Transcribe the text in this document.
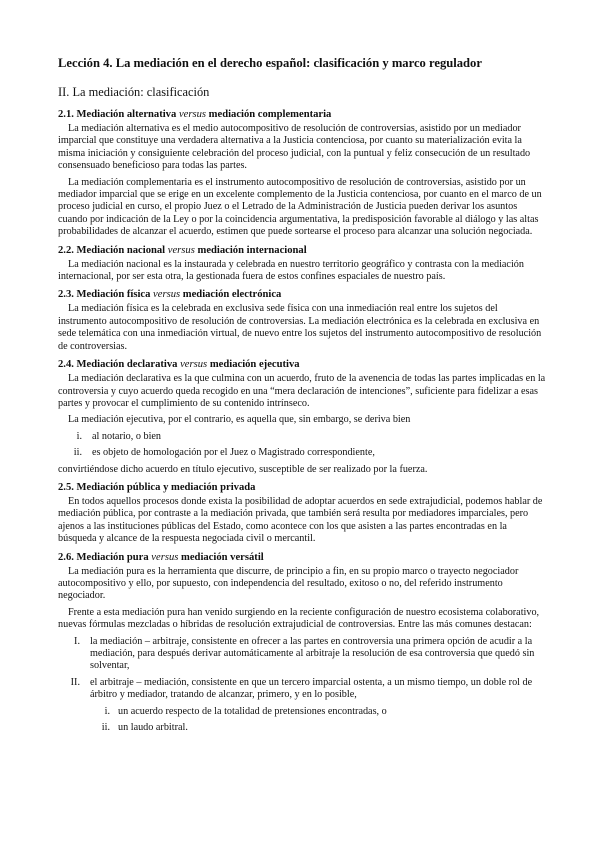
Lección 4. La mediación en el derecho español: clasificación y marco regulador
II. La mediación: clasificación
2.1. Mediación alternativa versus mediación complementaria

La mediación alternativa es el medio autocompositivo de resolución de controversias, asistido por un mediador imparcial que constituye una verdadera alternativa a la Justicia contenciosa, por cuanto su materialización evita la misma iniciación y consiguiente celebración del proceso judicial, con la puntual y feliz consecución de un resultado consensuado beneficioso para todas las partes.

La mediación complementaria es el instrumento autocompositivo de resolución de controversias, asistido por un mediador imparcial que se erige en un excelente complemento de la Justicia contenciosa, por cuanto en el marco de un proceso judicial en curso, el propio Juez o el Letrado de la Administración de Justicia pueden derivar los asuntos cuando por indicación de la Ley o por la coincidencia argumentativa, la predisposición favorable al diálogo y las altas probabilidades de alcanzar el acuerdo, estimen que puede sortearse el proceso para alcanzar una solución negociada.

2.2. Mediación nacional versus mediación internacional

La mediación nacional es la instaurada y celebrada en nuestro territorio geográfico y contrasta con la mediación internacional, por ser esta otra, la gestionada fuera de estos confines espaciales de nuestro país.

2.3. Mediación física versus mediación electrónica

La mediación física es la celebrada en exclusiva sede física con una inmediación real entre los sujetos del instrumento autocompositivo de resolución de controversias. La mediación electrónica es la celebrada en exclusiva en sede telemática con una inmediación virtual, de nuevo entre los sujetos del instrumento autocompositivo de resolución de controversias.

2.4. Mediación declarativa versus mediación ejecutiva

La mediación declarativa es la que culmina con un acuerdo, fruto de la avenencia de todas las partes implicadas en la controversia y cuyo acuerdo queda recogido en una “mera declaración de intenciones”, suficiente para fidelizar a esas partes y provocar el cumplimiento de su contenido intrínseco.

La mediación ejecutiva, por el contrario, es aquella que, sin embargo, se deriva bien

i. al notario, o bien
ii. es objeto de homologación por el Juez o Magistrado correspondiente,

convirtiéndose dicho acuerdo en título ejecutivo, susceptible de ser realizado por la fuerza.

2.5. Mediación pública y mediación privada

En todos aquellos procesos donde exista la posibilidad de adoptar acuerdos en sede extrajudicial, podemos hablar de mediación pública, por contraste a la mediación privada, que también será resulta por mediadores imparciales, pero ajenos a las instituciones públicas del Estado, como acontece con los que asisten a las partes encontradas en la búsqueda y alcance de la respuesta negociada civil o mercantil.

2.6. Mediación pura versus mediación versátil

La mediación pura es la herramienta que discurre, de principio a fin, en su propio marco o trayecto negociador autocompositivo y ello, por supuesto, con independencia del resultado, exitoso o no, del referido instrumento negociador.

Frente a esta mediación pura han venido surgiendo en la reciente configuración de nuestro ecosistema colaborativo, nuevas fórmulas mezcladas o híbridas de resolución extrajudicial de controversias. Entre las más comunes destacan:

I. la mediación – arbitraje, consistente en ofrecer a las partes en controversia una primera opción de acudir a la mediación, para después derivar automáticamente al arbitraje la resolución de esa controversia que quedó sin solventar,
II. el arbitraje – mediación, consistente en que un tercero imparcial ostenta, a un mismo tiempo, un doble rol de árbitro y mediador, tratando de alcanzar, primero, y en lo posible,
i. un acuerdo respecto de la totalidad de pretensiones encontradas, o
ii. un laudo arbitral.
